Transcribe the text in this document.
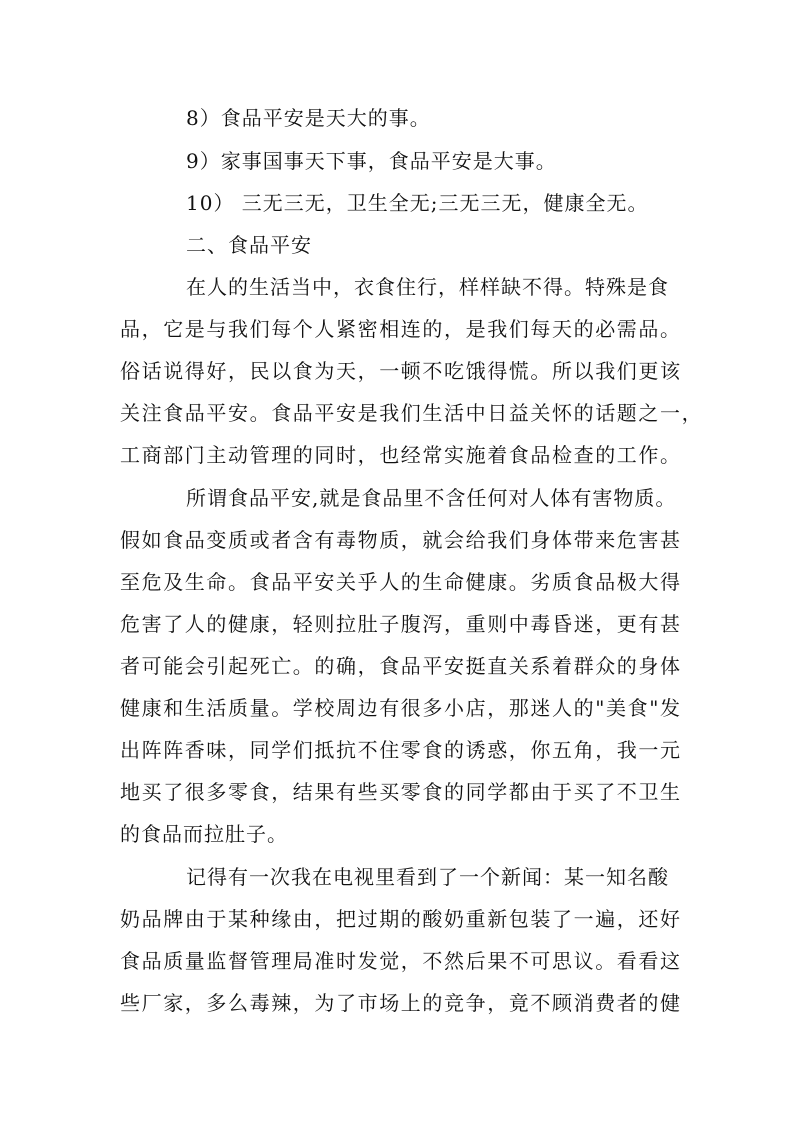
8）食品平安是天大的事。

9）家事国事天下事，食品平安是大事。

10） 三无三无，卫生全无;三无三无，健康全无。

二、食品平安

在人的生活当中，衣食住行，样样缺不得。特殊是食

品，它是与我们每个人紧密相连的，是我们每天的必需品。

俗话说得好，民以食为天，一顿不吃饿得慌。所以我们更该

关注食品平安。食品平安是我们生活中日益关怀的话题之一，

工商部门主动管理的同时，也经常实施着食品检查的工作。

所谓食品平安,就是食品里不含任何对人体有害物质。

假如食品变质或者含有毒物质，就会给我们身体带来危害甚

至危及生命。食品平安关乎人的生命健康。劣质食品极大得

危害了人的健康，轻则拉肚子腹泻，重则中毒昏迷，更有甚

者可能会引起死亡。的确，食品平安挺直关系着群众的身体

健康和生活质量。学校周边有很多小店，那迷人的"美食"发

出阵阵香味，同学们抵抗不住零食的诱惑，你五角，我一元

地买了很多零食，结果有些买零食的同学都由于买了不卫生

的食品而拉肚子。

记得有一次我在电视里看到了一个新闻：某一知名酸

奶品牌由于某种缘由，把过期的酸奶重新包装了一遍，还好

食品质量监督管理局准时发觉，不然后果不可思议。看看这

些厂家，多么毒辣，为了市场上的竞争，竟不顾消费者的健
